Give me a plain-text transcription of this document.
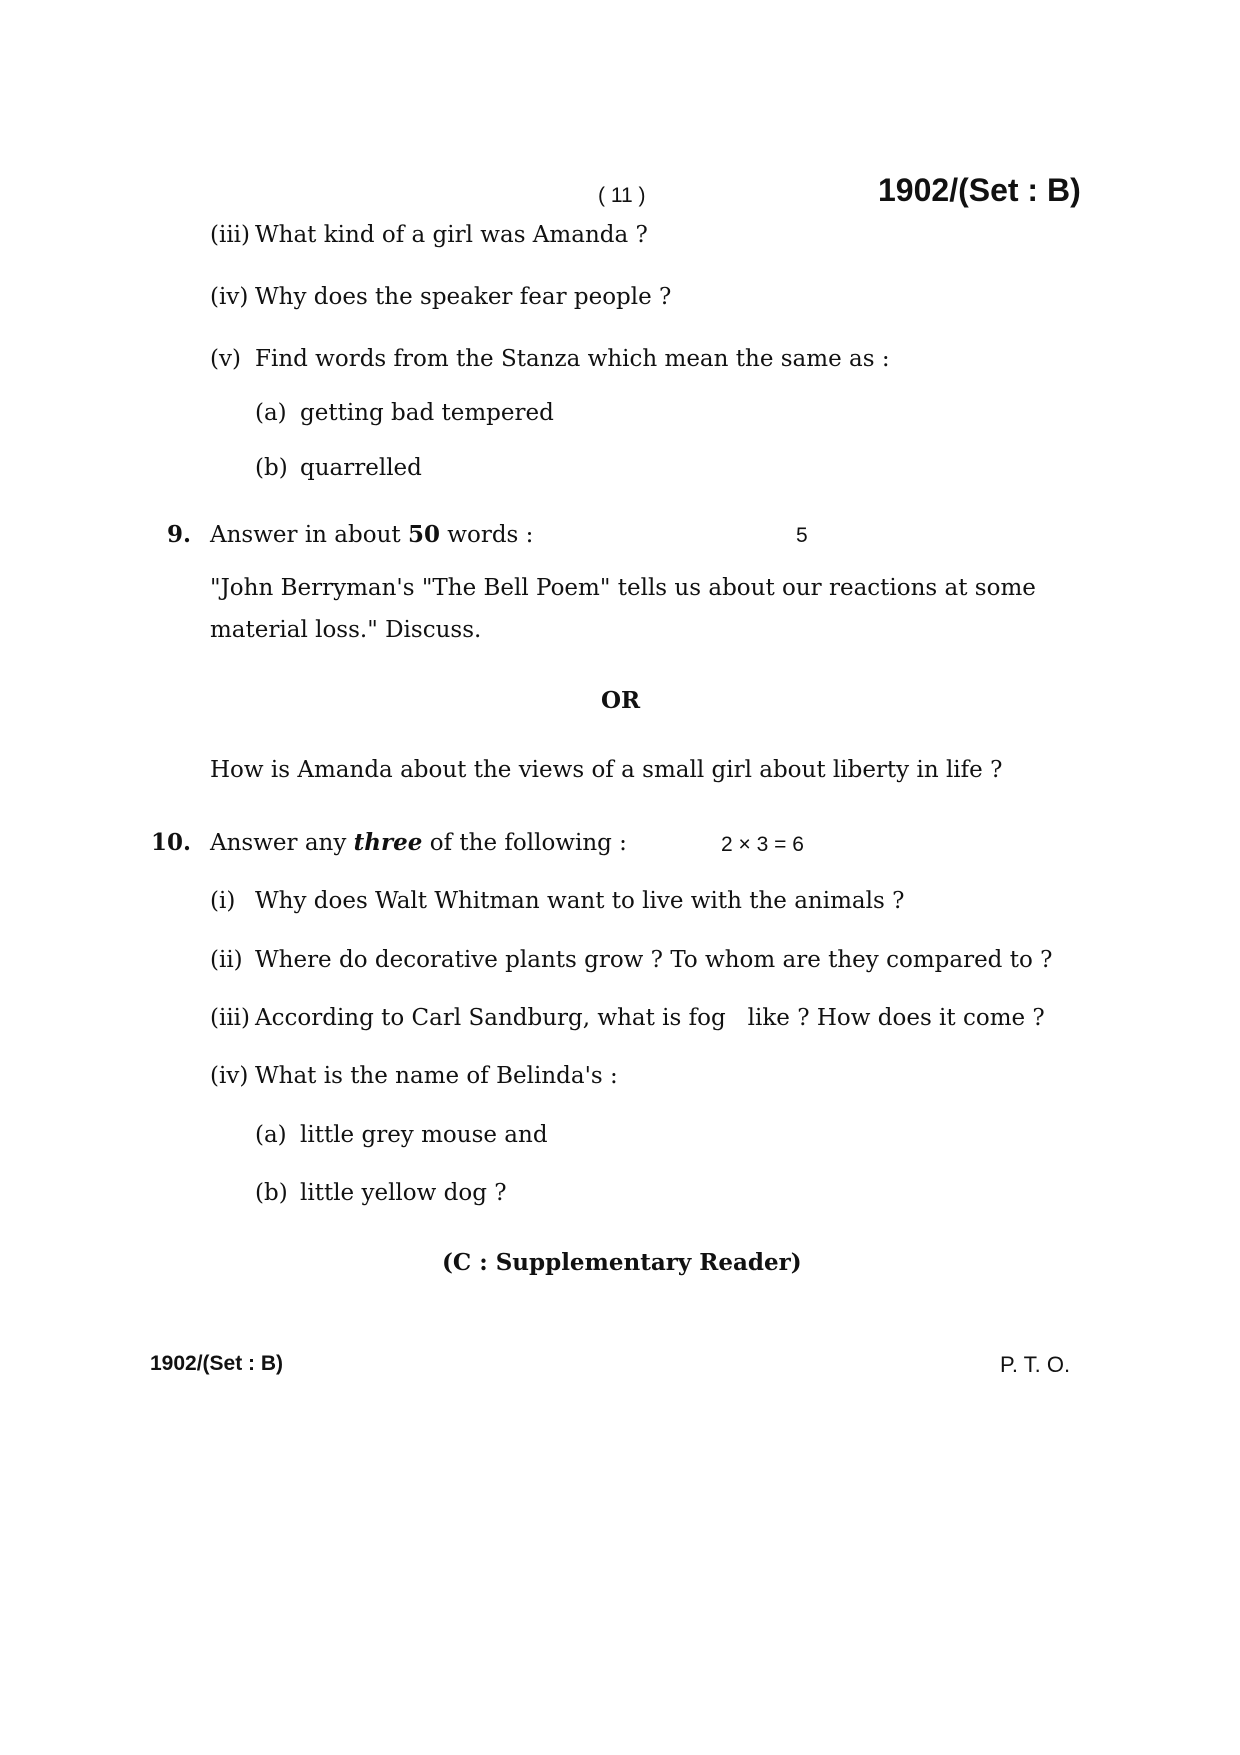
( 11 )	1902/(Set : B)
(iii) What kind of a girl was Amanda ?
(iv) Why does the speaker fear people ?
(v) Find words from the Stanza which mean the same as :
(a) getting bad tempered
(b) quarrelled
9. Answer in about 50 words :	5
"John Berryman's "The Bell Poem" tells us about our reactions at some
material loss." Discuss.
OR
How is Amanda about the views of a small girl about liberty in life ?
10. Answer any three of the following :	2 × 3 = 6
(i) Why does Walt Whitman want to live with the animals ?
(ii) Where do decorative plants grow ? To whom are they compared to ?
(iii) According to Carl Sandburg, what is fog   like ? How does it come ?
(iv) What is the name of Belinda's :
(a) little grey mouse and
(b) little yellow dog ?
(C : Supplementary Reader)
1902/(Set : B)	P. T. O.
